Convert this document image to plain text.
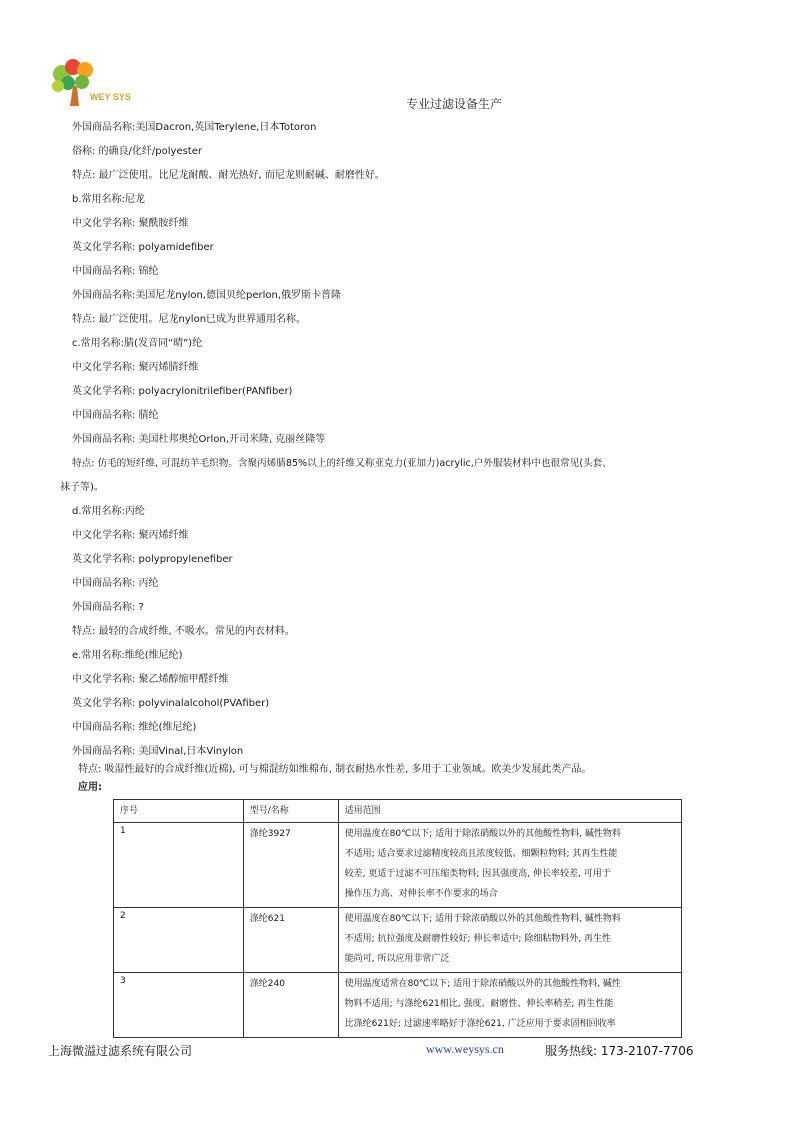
WEY SYS	专业过滤设备生产
外国商品名称:美国Dacron,英国Terylene,日本Totoron
俗称: 的确良/化纤/polyester
特点: 最广泛使用。比尼龙耐酸、耐光热好, 而尼龙则耐碱、耐磨性好。
b.常用名称:尼龙
中文化学名称: 聚酰胺纤维
英文化学名称: polyamidefiber
中国商品名称: 锦纶
外国商品名称:美国尼龙nylon,德国贝纶perlon,俄罗斯卡普隆
特点: 最广泛使用。尼龙nylon已成为世界通用名称。
c.常用名称:腈(发音同“晴”)纶
中文化学名称: 聚丙烯腈纤维
英文化学名称: polyacrylonitrilefiber(PANfiber)
中国商品名称: 腈纶
外国商品名称: 美国杜邦奥纶Orlon,开司米隆, 克丽丝隆等
特点: 仿毛的短纤维, 可混纺羊毛织物。含聚丙烯腈85%以上的纤维又称亚克力(亚加力)acrylic,户外服装材料中也很常见(头套、
袜子等)。
d.常用名称:丙纶
中文化学名称: 聚丙烯纤维
英文化学名称: polypropylenefiber
中国商品名称: 丙纶
外国商品名称: ?
特点: 最轻的合成纤维, 不吸水。常见的内衣材料。
e.常用名称:维纶(维尼纶)
中文化学名称: 聚乙烯醇缩甲醛纤维
英文化学名称: polyvinalalcohol(PVAfiber)
中国商品名称: 维纶(维尼纶)
外国商品名称: 美国Vinal,日本Vinylon
特点: 吸湿性最好的合成纤维(近棉), 可与棉混纺如维棉布, 制衣耐热水性差, 多用于工业领域。欧美少发展此类产品。
应用:
序号	型号/名称	适用范围
1	涤纶3927	使用温度在80℃以下; 适用于除浓硝酸以外的其他酸性物料, 碱性物料
不适用; 适合要求过滤精度较高且浓度较低、细颗粒物料; 其再生性能
较差, 更适于过滤不可压缩类物料; 因其强度高, 伸长率较差, 可用于
操作压力高、对伸长率不作要求的场合

2	涤纶621	使用温度在80℃以下; 适用于除浓硝酸以外的其他酸性物料, 碱性物料
不适用; 抗拉强度及耐磨性较好; 伸长率适中; 除细粘物料外, 再生性
能尚可, 所以应用非常广泛

3	涤纶240	使用温度适常在80℃以下; 适用于除浓硝酸以外的其他酸性物料, 碱性
物料不适用; 与涤纶621相比, 强度、耐磨性、伸长率稍差; 再生性能
比涤纶621好; 过滤速率略好于涤纶621, 广泛应用于要求固相回收率
上海微溢过滤系统有限公司	www.weysys.cn	服务热线: 173-2107-7706
